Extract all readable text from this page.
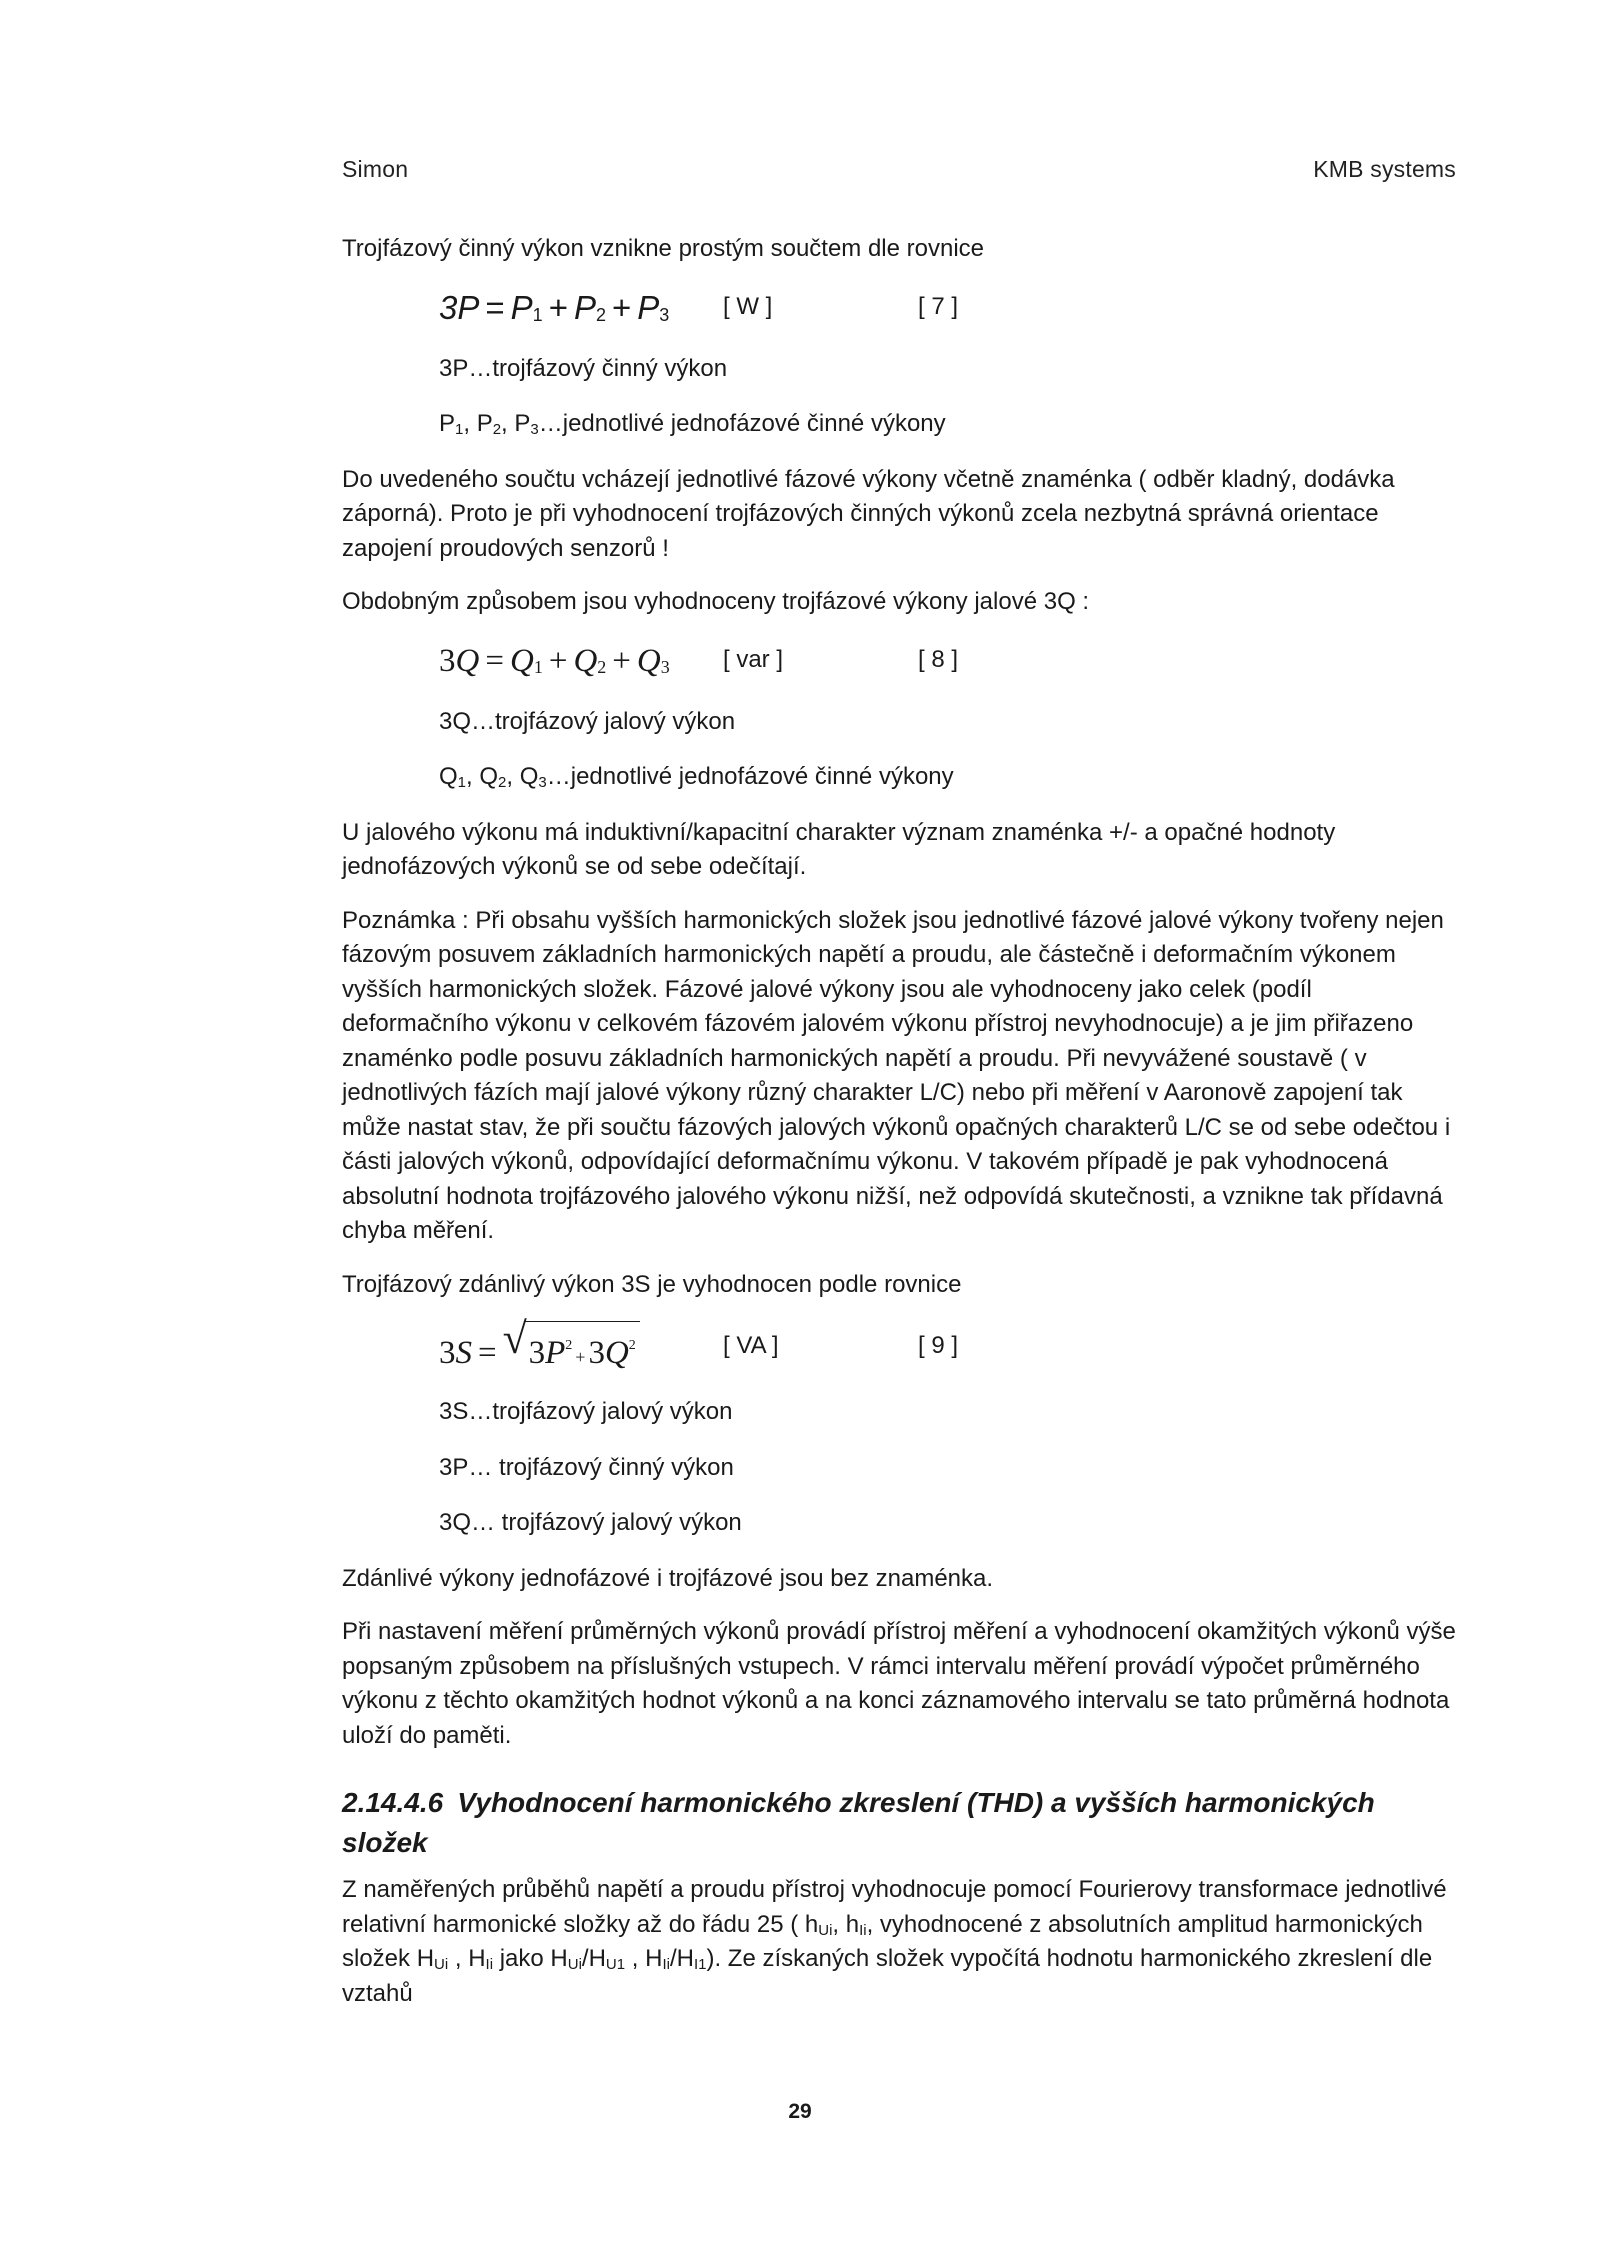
Simon	KMB systems

Trojfázový činný výkon vznikne prostým součtem dle rovnice

3P = P1 + P2 + P3 [ W ]	[ 7 ]

3P…trojfázový činný výkon

$P_1$, $P_2$, $P_3\dots jednotlivé$ jednofázové činné výkony

Do uvedeného součtu vcházejí jednotlivé fázové výkony včetně znaménka ( odběr kladný, dodávka záporná). Proto je při vyhodnocení trojfázových činných výkonů zcela nezbytná správná orientace zapojení proudových senzorů !

Obdobným způsobem jsou vyhodnoceny trojfázové výkony jalové 3Q :

3Q = Q1 + Q2 + Q3 [ var ]	[ 8 ]

3Q…trojfázový jalový výkon

$Q_1$, $Q_2$, $Q_3\dots jednotlivé$ jednofázové činné výkony

U jalového výkonu má induktivní/kapacitní charakter význam znaménka +/- a opačné hodnoty jednofázových výkonů se od sebe odečítají.

Poznámka : Při obsahu vyšších harmonických složek jsou jednotlivé fázové jalové výkony tvořeny nejen fázovým posuvem základních harmonických napětí a proudu, ale částečně i deformačním výkonem vyšších harmonických složek. Fázové jalové výkony jsou ale vyhodnoceny jako celek (podíl deformačního výkonu v celkovém fázovém jalovém výkonu přístroj nevyhodnocuje) a je jim přiřazeno znaménko podle posuvu základních harmonických napětí a proudu. Při nevyvážené soustavě ( v jednotlivých fázích mají jalové výkony různý charakter L/C) nebo při měření v Aaronově zapojení tak může nastat stav, že při součtu fázových jalových výkonů opačných charakterů L/C se od sebe odečtou i části jalových výkonů, odpovídající deformačnímu výkonu. V takovém případě je pak vyhodnocená absolutní hodnota trojfázového jalového výkonu nižší, než odpovídá skutečnosti, a vznikne tak přídavná chyba měření.

Trojfázový zdánlivý výkon 3S je vyhodnocen podle rovnice

3S = √ $3P^2+3Q^2$	[ VA ]	[ 9 ]

3S…trojfázový jalový výkon

3P… trojfázový činný výkon

3Q… trojfázový jalový výkon

Zdánlivé výkony jednofázové i trojfázové jsou bez znaménka.

Při nastavení měření průměrných výkonů provádí přístroj měření a vyhodnocení okamžitých výkonů výše popsaným způsobem na příslušných vstupech. V rámci intervalu měření provádí výpočet průměrného výkonu z těchto okamžitých hodnot výkonů a na konci záznamového intervalu se tato průměrná hodnota uloží do paměti.

2.14.4.6 Vyhodnocení harmonického zkreslení (THD) a vyšších harmonických složek

Z naměřených průběhů napětí a proudu přístroj vyhodnocuje pomocí Fourierovy transformace jednotlivé relativní harmonické složky až do řádu 25 ( $h_{Ui}$, $h_{Ii}$, vyhodnocené z absolutních amplitud harmonických složek $H_{Ui}$ , $H_{Ii}$ jako $H_{Ui}/H_{U1}$ , $H_{Ii}/H_{I1}$). Ze získaných složek vypočítá hodnotu harmonického zkreslení dle vztahů

29
